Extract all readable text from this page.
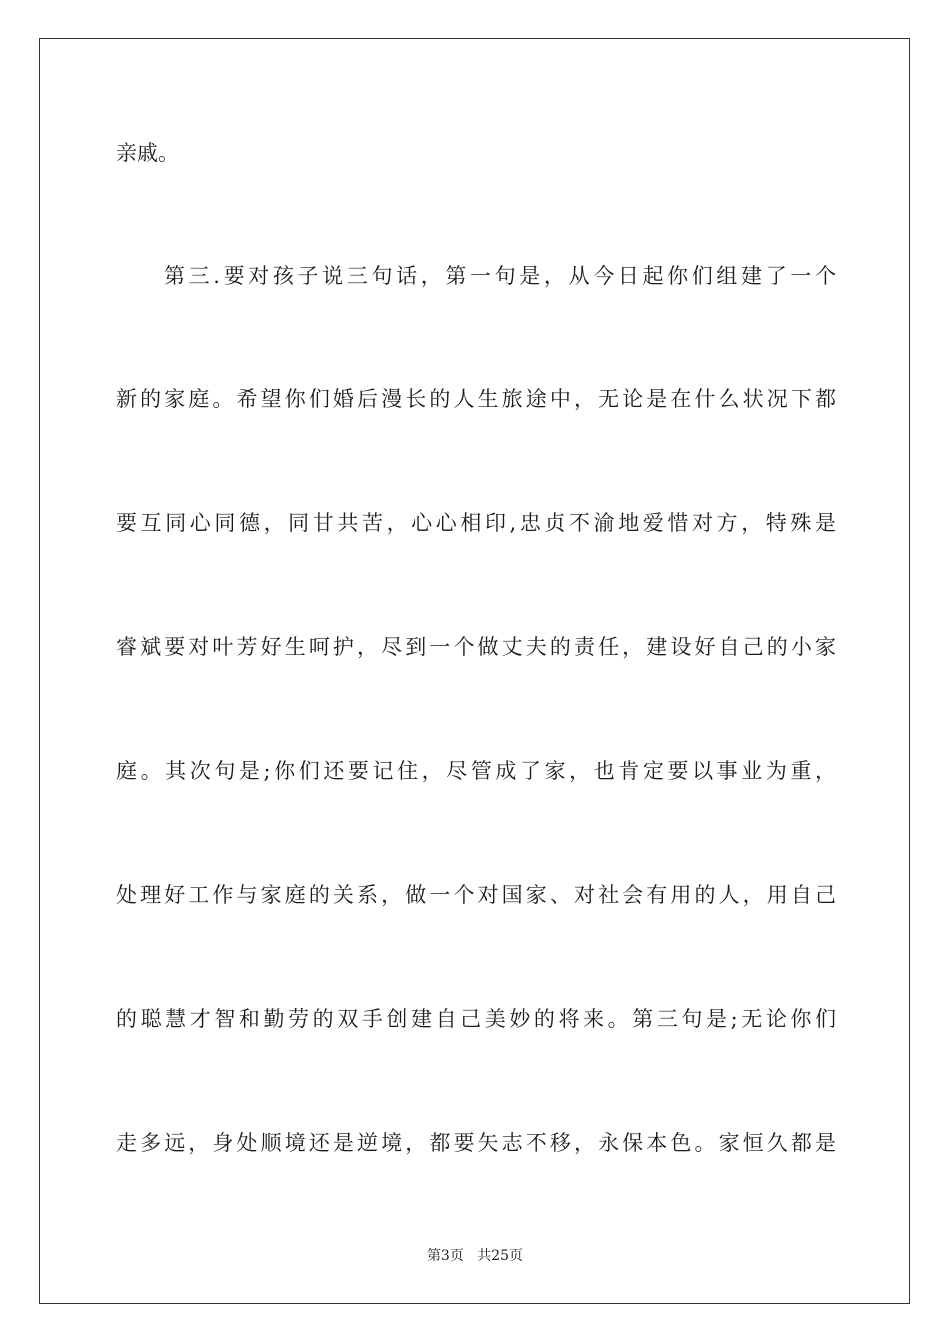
亲戚。
第三.要对孩子说三句话，第一句是，从今日起你们组建了一个
新的家庭。希望你们婚后漫长的人生旅途中，无论是在什么状况下都
要互同心同德，同甘共苦，心心相印,忠贞不渝地爱惜对方，特殊是
睿斌要对叶芳好生呵护，尽到一个做丈夫的责任，建设好自己的小家
庭。其次句是;你们还要记住，尽管成了家，也肯定要以事业为重，
处理好工作与家庭的关系，做一个对国家、对社会有用的人，用自己
的聪慧才智和勤劳的双手创建自己美妙的将来。第三句是;无论你们
走多远，身处顺境还是逆境，都要矢志不移，永保本色。家恒久都是
第3页 共25页
